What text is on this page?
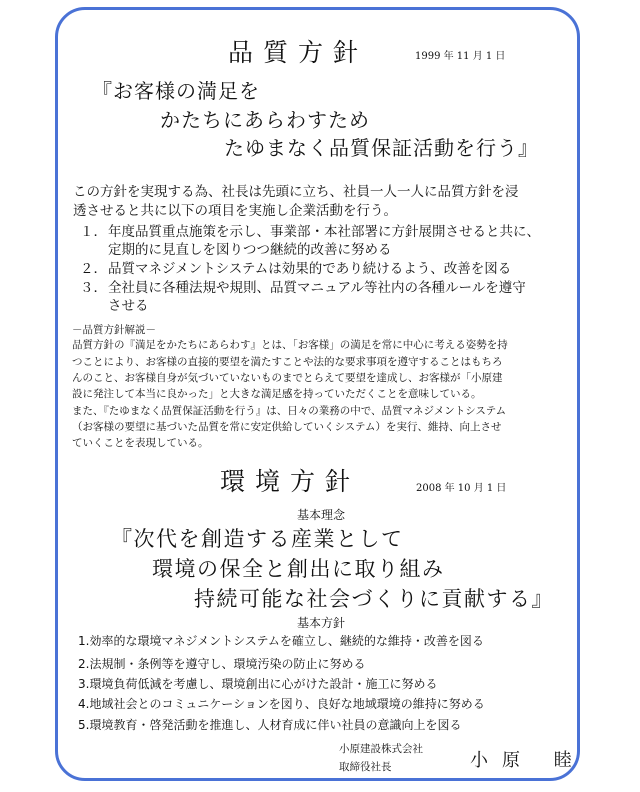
品質方針	1999 年 11 月 1 日
『お客様の満足を
かたちにあらわすため
たゆまなく品質保証活動を行う』
この方針を実現する為、社長は先頭に立ち、社員一人一人に品質方針を浸
透させると共に以下の項目を実施し企業活動を行う。
１． 年度品質重点施策を示し、事業部・本社部署に方針展開させると共に、
定期的に見直しを図りつつ継続的改善に努める
２． 品質マネジメントシステムは効果的であり続けるよう、改善を図る
３． 全社員に各種法規や規則、品質マニュアル等社内の各種ルールを遵守
させる
－品質方針解説－
品質方針の『満足をかたちにあらわす』とは、「お客様」の満足を常に中心に考える姿勢を持
つことにより、お客様の直接的要望を満たすことや法的な要求事項を遵守することはもちろ
んのこと、お客様自身が気づいていないものまでとらえて要望を達成し、お客様が「小原建
設に発注して本当に良かった」と大きな満足感を持っていただくことを意味している。
また、『たゆまなく品質保証活動を行う』は、日々の業務の中で、品質マネジメントシステム
（お客様の要望に基づいた品質を常に安定供給していくシステム）を実行、維持、向上させ
ていくことを表現している。
環境方針	2008 年 10 月 1 日
基本理念
『次代を創造する産業として
環境の保全と創出に取り組み
持続可能な社会づくりに貢献する』
基本方針
1.効率的な環境マネジメントシステムを確立し、継続的な維持・改善を図る
2.法規制・条例等を遵守し、環境汚染の防止に努める
3.環境負荷低減を考慮し、環境創出に心がけた設計・施工に努める
4.地域社会とのコミュニケーションを図り、良好な地域環境の維持に努める
5.環境教育・啓発活動を推進し、人材育成に伴い社員の意識向上を図る
小原建設株式会社
取締役社長	小原 睦
